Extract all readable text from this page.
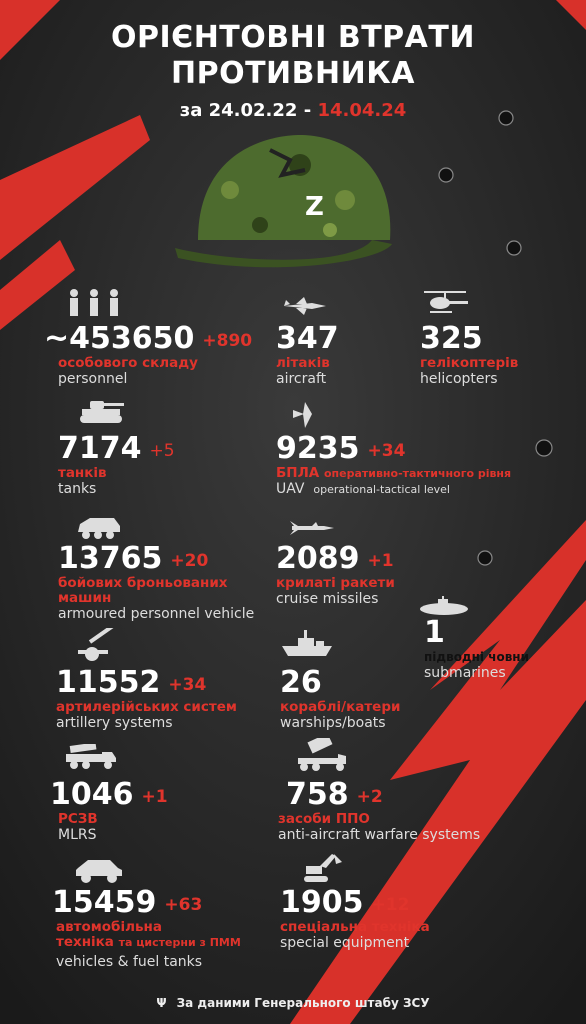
Z
ОРІЄНТОВНІ ВТРАТИ
ПРОТИВНИКА
за 24.02.22 - 14.04.24
~453650 $^{+890}$
особового складу
personnel
347
літаків
aircraft
325
гелікоптерів
helicopters
7174 $^{+5}$
танків
tanks
9235 $^{+34}$
БПЛА оперативно-тактичного рівня
UAV operational-tactical level
13765 $^{+20}$
бойових броньованих машин
armoured personnel vehicle
2089 $^{+1}$
крилаті ракети
cruise missiles
1
підводні човни
submarines
11552 $^{+34}$
артилерійських систем
artillery systems
26
кораблі/катери
warships/boats
1046 $^{+1}$
РСЗВ
MLRS
758 $^{+2}$
засоби ППО
anti-aircraft warfare systems
15459 $^{+63}$
автомобільна
техніка та цистерни з ПММ
vehicles & fuel tanks
1905 $^{+12}$
спеціальна техніка
special equipment
Ψ За даними Генерального штабу ЗСУ
